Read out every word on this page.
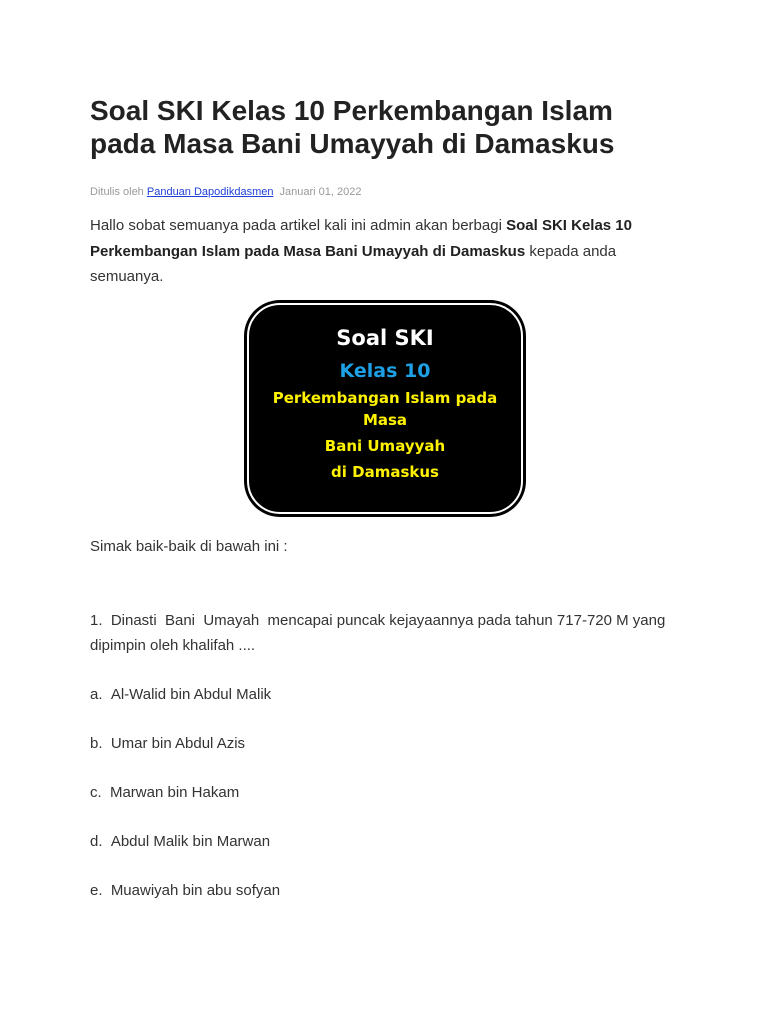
Soal SKI Kelas 10 Perkembangan Islam pada Masa Bani Umayyah di Damaskus
Ditulis oleh Panduan Dapodikdasmen Januari 01, 2022

Hallo sobat semuanya pada artikel kali ini admin akan berbagi Soal SKI Kelas 10 Perkembangan Islam pada Masa Bani Umayyah di Damaskus kepada anda semuanya.

Soal SKI
Kelas 10
Perkembangan Islam pada
Masa
Bani Umayyah
di Damaskus

Simak baik-baik di bawah ini :

1. Dinasti  Bani  Umayah  mencapai puncak kejayaannya pada tahun 717-720 M yang dipimpin oleh khalifah ....

a. Al-Walid bin Abdul Malik

b. Umar bin Abdul Azis

c. Marwan bin Hakam

d. Abdul Malik bin Marwan

e. Muawiyah bin abu sofyan
